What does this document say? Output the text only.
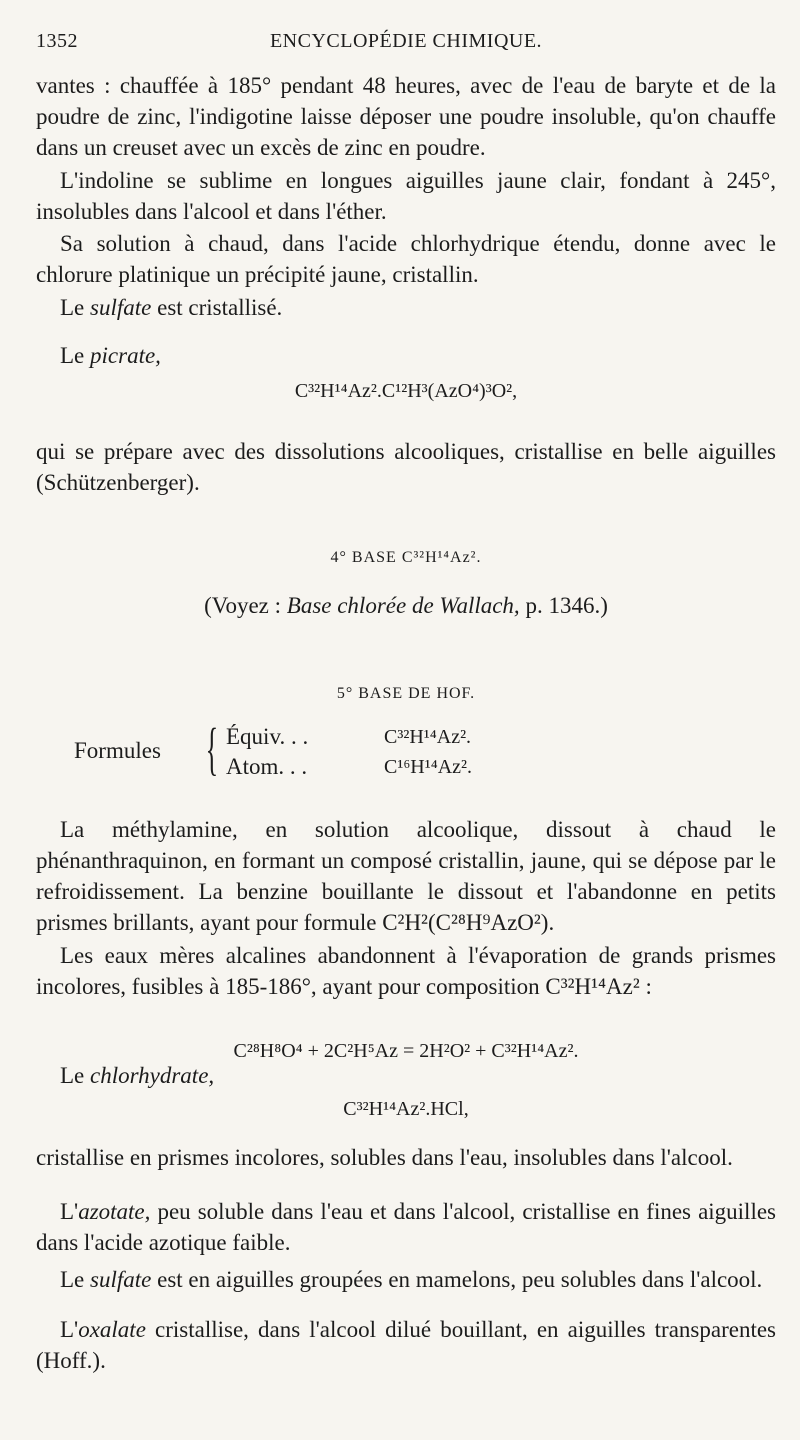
1352	ENCYCLOPÉDIE CHIMIQUE.

vantes : chauffée à 185° pendant 48 heures, avec de l'eau de baryte et de la poudre de zinc, l'indigotine laisse déposer une poudre insoluble, qu'on chauffe dans un creuset avec un excès de zinc en poudre.

L'indoline se sublime en longues aiguilles jaune clair, fondant à 245°, insolubles dans l'alcool et dans l'éther.

Sa solution à chaud, dans l'acide chlorhydrique étendu, donne avec le chlorure platinique un précipité jaune, cristallin.

Le sulfate est cristallisé.

Le picrate,

C³²H¹⁴Az².C¹²H³(AzO⁴)³O²,

qui se prépare avec des dissolutions alcooliques, cristallise en belle aiguilles (Schützenberger).

4° BASE C³²H¹⁴Az².

(Voyez : Base chlorée de Wallach, p. 1346.)

5° BASE DE HOF.

Formules { Équiv. . .	C³²H¹⁴Az².
Atom. . .	C¹⁶H¹⁴Az².

La méthylamine, en solution alcoolique, dissout à chaud le phénanthraquinon, en formant un composé cristallin, jaune, qui se dépose par le refroidissement. La benzine bouillante le dissout et l'abandonne en petits prismes brillants, ayant pour formule C²H²(C²⁸H⁹AzO²).

Les eaux mères alcalines abandonnent à l'évaporation de grands prismes incolores, fusibles à 185-186°, ayant pour composition C³²H¹⁴Az² :

C²⁸H⁸O⁴ + 2C²H⁵Az = 2H²O² + C³²H¹⁴Az².

Le chlorhydrate,

C³²H¹⁴Az².HCl,

cristallise en prismes incolores, solubles dans l'eau, insolubles dans l'alcool.

L'azotate, peu soluble dans l'eau et dans l'alcool, cristallise en fines aiguilles dans l'acide azotique faible.

Le sulfate est en aiguilles groupées en mamelons, peu solubles dans l'alcool.

L'oxalate cristallise, dans l'alcool dilué bouillant, en aiguilles transparentes (Hoff.).
